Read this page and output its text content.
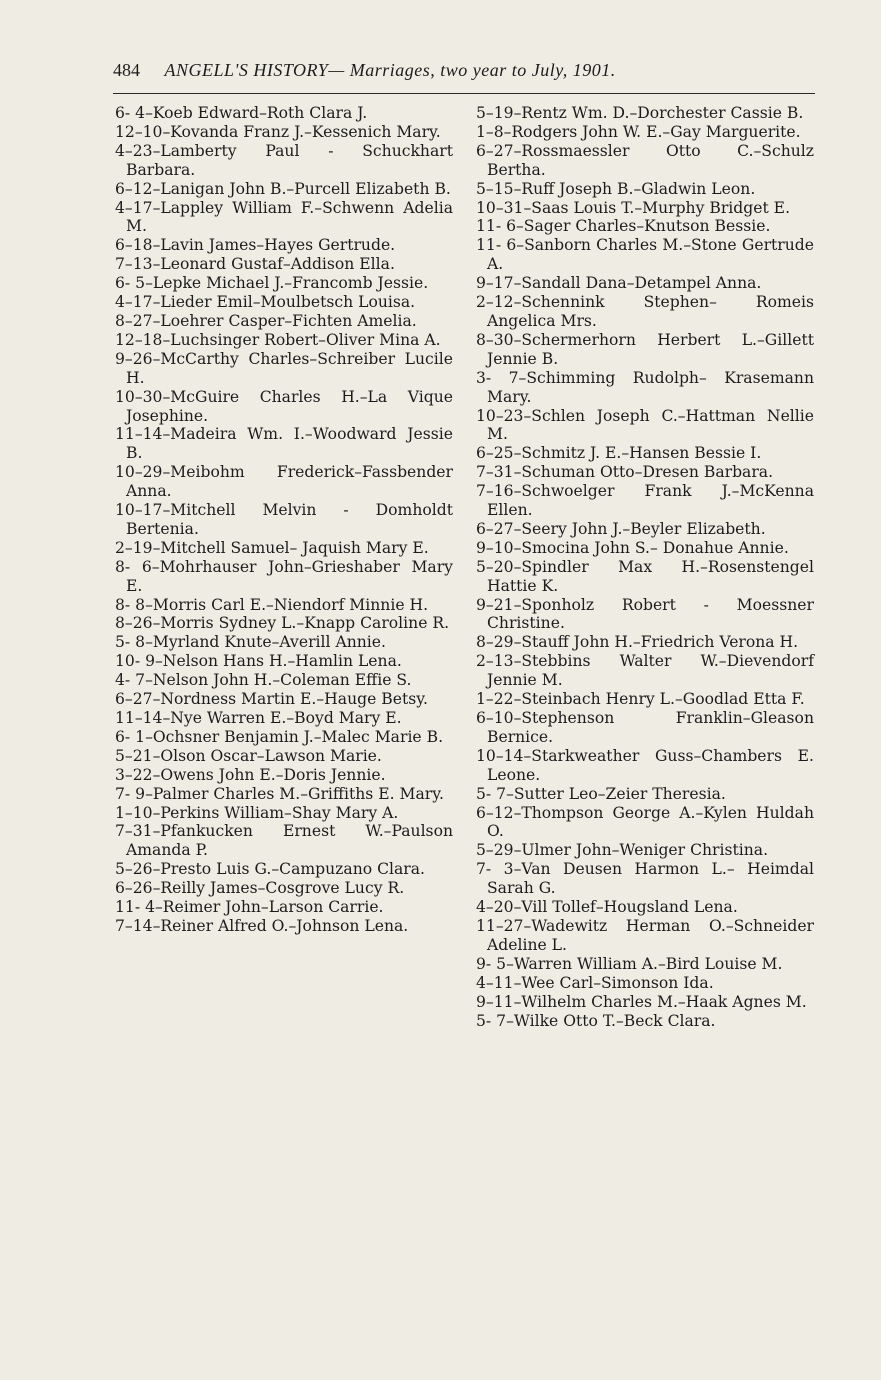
484 ANGELL'S HISTORY— Marriages, two year to July, 1901.

6- 4–Koeb Edward–Roth Clara J.

12–10–Kovanda Franz J.–Kessenich Mary.

4–23–Lamberty Paul - Schuckhart Barbara.

6–12–Lanigan John B.–Purcell Elizabeth B.

4–17–Lappley William F.–Schwenn Adelia M.

6–18–Lavin James–Hayes Gertrude.

7–13–Leonard Gustaf–Addison Ella.

6- 5–Lepke Michael J.–Francomb Jessie.

4–17–Lieder Emil–Moulbetsch Louisa.

8–27–Loehrer Casper–Fichten Amelia.

12–18–Luchsinger Robert–Oliver Mina A.

9–26–McCarthy Charles–Schreiber Lucile H.

10–30–McGuire Charles H.–La Vique Josephine.

11–14–Madeira Wm. I.–Woodward Jessie B.

10–29–Meibohm Frederick–Fassbender Anna.

10–17–Mitchell Melvin - Domholdt Bertenia.

2–19–Mitchell Samuel– Jaquish Mary E.

8- 6–Mohrhauser John–Grieshaber Mary E.

8- 8–Morris Carl E.–Niendorf Minnie H.

8–26–Morris Sydney L.–Knapp Caroline R.

5- 8–Myrland Knute–Averill Annie.

10- 9–Nelson Hans H.–Hamlin Lena.

4- 7–Nelson John H.–Coleman Effie S.

6–27–Nordness Martin E.–Hauge Betsy.

11–14–Nye Warren E.–Boyd Mary E.

6- 1–Ochsner Benjamin J.–Malec Marie B.

5–21–Olson Oscar–Lawson Marie.

3–22–Owens John E.–Doris Jennie.

7- 9–Palmer Charles M.–Griffiths E. Mary.

1–10–Perkins William–Shay Mary A.

7–31–Pfankucken Ernest W.–Paulson Amanda P.

5–26–Presto Luis G.–Campuzano Clara.

6–26–Reilly James–Cosgrove Lucy R.

11- 4–Reimer John–Larson Carrie.

7–14–Reiner Alfred O.–Johnson Lena.

5–19–Rentz Wm. D.–Dorchester Cassie B.

1–8–Rodgers John W. E.–Gay Marguerite.

6–27–Rossmaessler Otto C.–Schulz Bertha.

5–15–Ruff Joseph B.–Gladwin Leon.

10–31–Saas Louis T.–Murphy Bridget E.

11- 6–Sager Charles–Knutson Bessie.

11- 6–Sanborn Charles M.–Stone Gertrude A.

9–17–Sandall Dana–Detampel Anna.

2–12–Schennink Stephen– Romeis Angelica Mrs.

8–30–Schermerhorn Herbert L.–Gillett Jennie B.

3- 7–Schimming Rudolph– Krasemann Mary.

10–23–Schlen Joseph C.–Hattman Nellie M.

6–25–Schmitz J. E.–Hansen Bessie I.

7–31–Schuman Otto–Dresen Barbara.

7–16–Schwoelger Frank J.–McKenna Ellen.

6–27–Seery John J.–Beyler Elizabeth.

9–10–Smocina John S.– Donahue Annie.

5–20–Spindler Max H.–Rosenstengel Hattie K.

9–21–Sponholz Robert - Moessner Christine.

8–29–Stauff John H.–Friedrich Verona H.

2–13–Stebbins Walter W.–Dievendorf Jennie M.

1–22–Steinbach Henry L.–Goodlad Etta F.

6–10–Stephenson Franklin–Gleason Bernice.

10–14–Starkweather Guss–Chambers E. Leone.

5- 7–Sutter Leo–Zeier Theresia.

6–12–Thompson George A.–Kylen Huldah O.

5–29–Ulmer John–Weniger Christina.

7- 3–Van Deusen Harmon L.– Heimdal Sarah G.

4–20–Vill Tollef–Hougsland Lena.

11–27–Wadewitz Herman O.–Schneider Adeline L.

9- 5–Warren William A.–Bird Louise M.

4–11–Wee Carl–Simonson Ida.

9–11–Wilhelm Charles M.–Haak Agnes M.

5- 7–Wilke Otto T.–Beck Clara.
